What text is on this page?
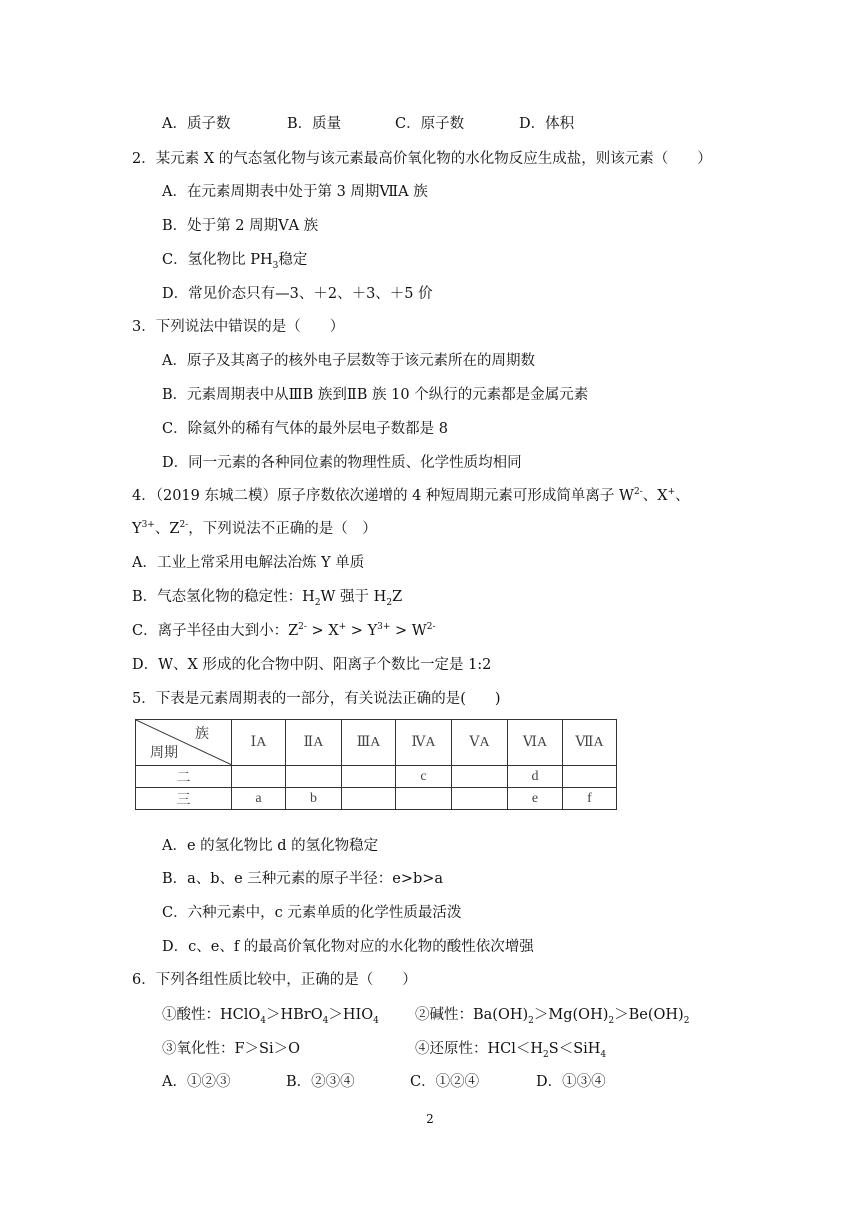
A．质子数	B．质量	C．原子数	D．体积
2．某元素 X 的气态氢化物与该元素最高价氧化物的水化物反应生成盐，则该元素（　　）
A．在元素周期表中处于第 3 周期ⅦA 族
B．处于第 2 周期ⅤA 族
C．氢化物比 $PH_3$稳定
D．常见价态只有—3、＋2、＋3、＋5 价
3．下列说法中错误的是（　　）
A．原子及其离子的核外电子层数等于该元素所在的周期数
B．元素周期表中从ⅢB 族到ⅡB 族 10 个纵行的元素都是金属元素
C．除氦外的稀有气体的最外层电子数都是 8
D．同一元素的各种同位素的物理性质、化学性质均相同
4．（2019 东城二模）原子序数依次递增的 4 种短周期元素可形成简单离子 $W^{2-}$、X+、
$Y^{3+}$、$Z^{2-}$，下列说法不正确的是（　）
A．工业上常采用电解法冶炼 Y 单质
B．气态氢化物的稳定性：$H_2W$ 强于 $H_2Z$
C．离子半径由大到小：$Z^{2-} > X^+ > Y^{3+} > W^{2-}$
D．W、X 形成的化合物中阴、阳离子个数比一定是 1:2
5．下表是元素周期表的一部分，有关说法正确的是(　　)
族
周期	ⅠA	ⅡA	ⅢA	ⅣA	ⅤA	ⅥA	ⅦA
二				c		d	
三	a	b				e	f
A．e 的氢化物比 d 的氢化物稳定
B．a、b、e 三种元素的原子半径：e>b>a
C．六种元素中，c 元素单质的化学性质最活泼
D．c、e、f 的最高价氧化物对应的水化物的酸性依次增强
6．下列各组性质比较中，正确的是（　　）
①酸性：$HClO_4>HBrO_4>HIO_4$ ②碱性：$Ba(OH)_2>Mg(OH)_2>Be(OH)_2$
③氧化性：F＞Si＞O	④还原性：$HCl<H_2S<SiH_4$
A．①②③	B．②③④	C．①②④	D．①③④
2
